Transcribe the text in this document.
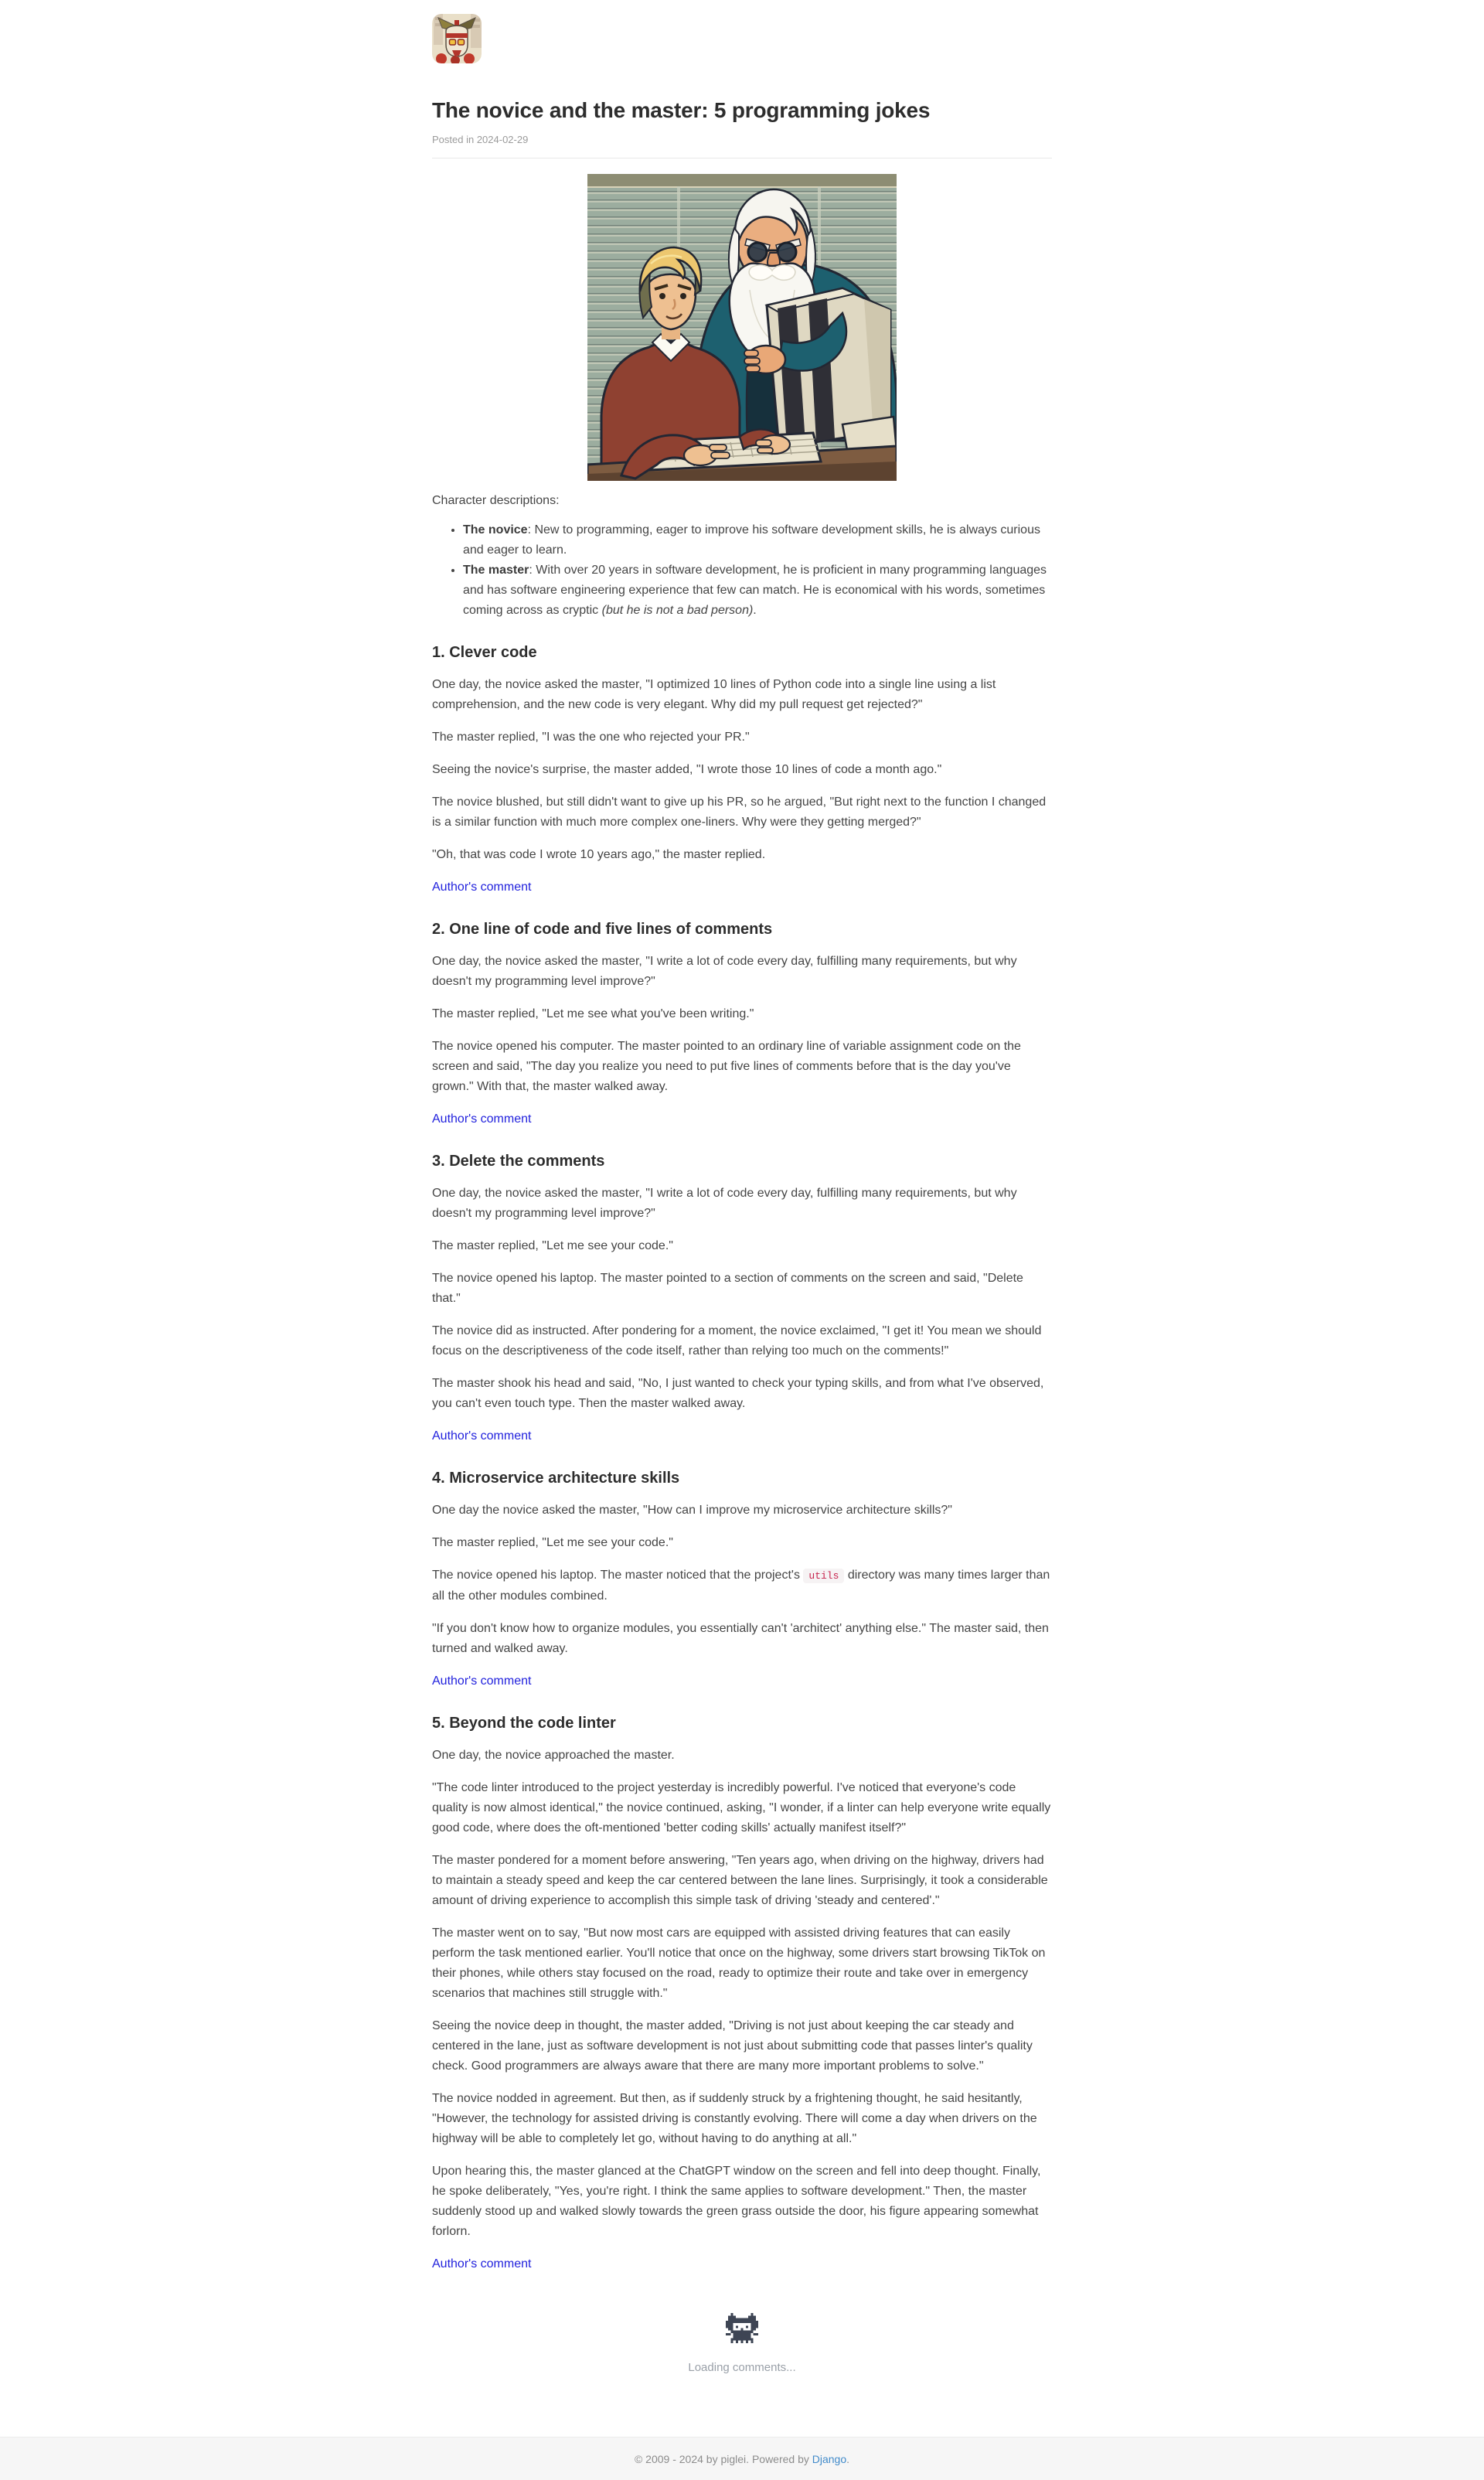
The novice and the master: 5 programming jokes

Posted in 2024-02-29

Character descriptions:

• The novice: New to programming, eager to improve his software development skills, he is always curious and eager to learn.
• The master: With over 20 years in software development, he is proficient in many programming languages and has software engineering experience that few can match. He is economical with his words, sometimes coming across as cryptic (but he is not a bad person).
1. Clever code

One day, the novice asked the master, "I optimized 10 lines of Python code into a single line using a list comprehension, and the new code is very elegant. Why did my pull request get rejected?"

The master replied, "I was the one who rejected your PR."

Seeing the novice's surprise, the master added, "I wrote those 10 lines of code a month ago."

The novice blushed, but still didn't want to give up his PR, so he argued, "But right next to the function I changed is a similar function with much more complex one-liners. Why were they getting merged?"

"Oh, that was code I wrote 10 years ago," the master replied.

Author's comment
2. One line of code and five lines of comments

One day, the novice asked the master, "I write a lot of code every day, fulfilling many requirements, but why doesn't my programming level improve?"

The master replied, "Let me see what you've been writing."

The novice opened his computer. The master pointed to an ordinary line of variable assignment code on the screen and said, "The day you realize you need to put five lines of comments before that is the day you've grown." With that, the master walked away.

Author's comment
3. Delete the comments

One day, the novice asked the master, "I write a lot of code every day, fulfilling many requirements, but why doesn't my programming level improve?"

The master replied, "Let me see your code."

The novice opened his laptop. The master pointed to a section of comments on the screen and said, "Delete that."

The novice did as instructed. After pondering for a moment, the novice exclaimed, "I get it! You mean we should focus on the descriptiveness of the code itself, rather than relying too much on the comments!"

The master shook his head and said, "No, I just wanted to check your typing skills, and from what I've observed, you can't even touch type. Then the master walked away.

Author's comment
4. Microservice architecture skills

One day the novice asked the master, "How can I improve my microservice architecture skills?"

The master replied, "Let me see your code."

The novice opened his laptop. The master noticed that the project's utils directory was many times larger than all the other modules combined.

"If you don't know how to organize modules, you essentially can't 'architect' anything else." The master said, then turned and walked away.

Author's comment
5. Beyond the code linter

One day, the novice approached the master.

"The code linter introduced to the project yesterday is incredibly powerful. I've noticed that everyone's code quality is now almost identical," the novice continued, asking, "I wonder, if a linter can help everyone write equally good code, where does the oft-mentioned 'better coding skills' actually manifest itself?"

The master pondered for a moment before answering, "Ten years ago, when driving on the highway, drivers had to maintain a steady speed and keep the car centered between the lane lines. Surprisingly, it took a considerable amount of driving experience to accomplish this simple task of driving 'steady and centered'."

The master went on to say, "But now most cars are equipped with assisted driving features that can easily perform the task mentioned earlier. You'll notice that once on the highway, some drivers start browsing TikTok on their phones, while others stay focused on the road, ready to optimize their route and take over in emergency scenarios that machines still struggle with."

Seeing the novice deep in thought, the master added, "Driving is not just about keeping the car steady and centered in the lane, just as software development is not just about submitting code that passes linter's quality check. Good programmers are always aware that there are many more important problems to solve."

The novice nodded in agreement. But then, as if suddenly struck by a frightening thought, he said hesitantly, "However, the technology for assisted driving is constantly evolving. There will come a day when drivers on the highway will be able to completely let go, without having to do anything at all."

Upon hearing this, the master glanced at the ChatGPT window on the screen and fell into deep thought. Finally, he spoke deliberately, "Yes, you're right. I think the same applies to software development." Then, the master suddenly stood up and walked slowly towards the green grass outside the door, his figure appearing somewhat forlorn.

Author's comment

Loading comments...

© 2009 - 2024 by piglei. Powered by Django.
